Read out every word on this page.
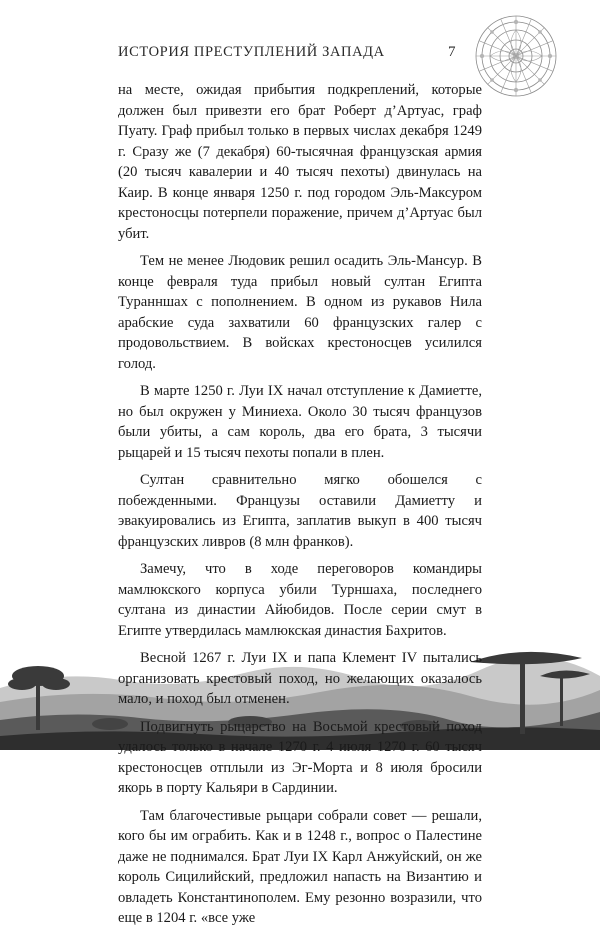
ИСТОРИЯ ПРЕСТУПЛЕНИЙ ЗАПАДА	7

на месте, ожидая прибытия подкреплений, которые должен был привезти его брат Роберт д’Артуас, граф Пуату. Граф прибыл только в первых числах декабря 1249 г. Сразу же (7 декабря) 60-тысячная французская армия (20 тысяч кавалерии и 40 тысяч пехоты) двинулась на Каир. В конце января 1250 г. под городом Эль-Максуром крестоносцы потерпели поражение, причем д’Артуас был убит.

Тем не менее Людовик решил осадить Эль-Мансур. В конце февраля туда прибыл новый султан Египта Туранншах с пополнением. В одном из рукавов Нила арабские суда захватили 60 французских галер с продовольствием. В войсках крестоносцев усилился голод.

В марте 1250 г. Луи IX начал отступление к Дамиетте, но был окружен у Миниеха. Около 30 тысяч французов были убиты, а сам король, два его брата, 3 тысячи рыцарей и 15 тысяч пехоты попали в плен.

Султан сравнительно мягко обошелся с побежденными. Французы оставили Дамиетту и эвакуировались из Египта, заплатив выкуп в 400 тысяч французских ливров (8 млн франков).

Замечу, что в ходе переговоров командиры мамлюкского корпуса убили Турншаха, последнего султана из династии Айюбидов. После серии смут в Египте утвердилась мамлюкская династия Бахритов.

Весной 1267 г. Луи IX и папа Клемент IV пытались организовать крестовый поход, но желающих оказалось мало, и поход был отменен.

Подвигнуть рыцарство на Восьмой крестовый поход удалось только в начале 1270 г. 4 июля 1270 г. 60 тысяч крестоносцев отплыли из Эг-Морта и 8 июля бросили якорь в порту Кальяри в Сардинии.

Там благочестивые рыцари собрали совет — решали, кого бы им ограбить. Как и в 1248 г., вопрос о Палестине даже не поднимался. Брат Луи IX Карл Анжуйский, он же король Сицилийский, предложил напасть на Византию и овладеть Константинополем. Ему резонно возразили, что еще в 1204 г. «все уже
